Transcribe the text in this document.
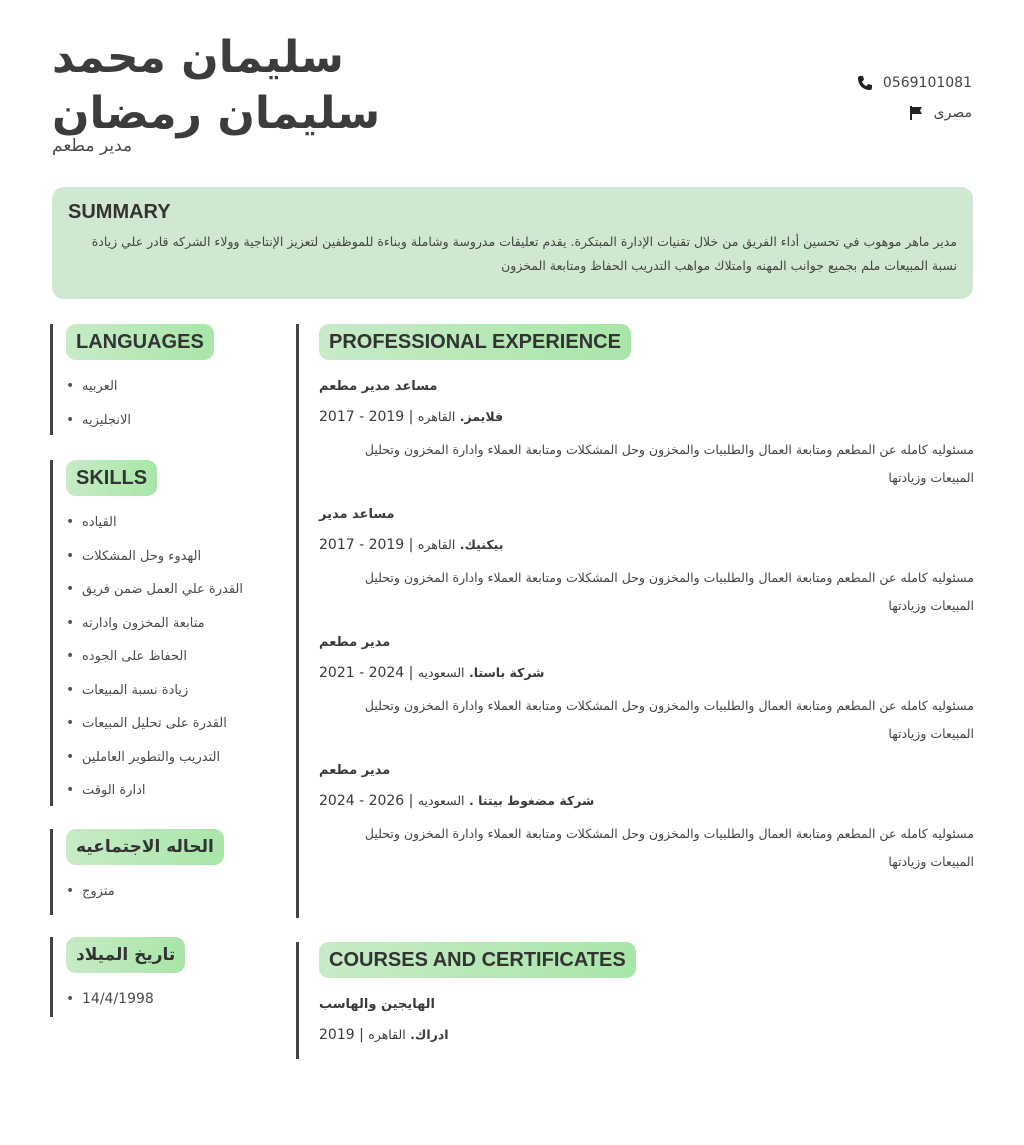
سليمان محمد سليمان رمضان
مدير مطعم
0569101081
مصرى
SUMMARY

مدير ماهر موهوب في تحسين أداء الفريق من خلال تقنيات الإدارة المبتكرة. يقدم تعليقات مدروسة وشاملة وبناءة للموظفين لتعزيز الإنتاجية وولاء الشركه قادر علي زيادة نسبة المبيعات ملم بجميع جوانب المهنه وامتلاك مواهب التدريب الحفاظ ومتابعة المخزون

LANGUAGES
• العربيه
• الانجليزيه
SKILLS
• القياده
• الهدوء وحل المشكلات
• القدرة علي العمل ضمن فريق
• متابعة المخزون وادارته
• الحفاظ على الجوده
• زيادة نسبة المبيعات
• القدرة على تحليل المبيعات
• التدريب والتطوير العاملين
• ادارة الوقت
الحاله الاجتماعيه
• متزوج
تاريخ الميلاد
• 14/4/1998
PROFESSIONAL EXPERIENCE
مساعد مدير مطعم
2017 - 2019 | القاهره فلايمز.
مسئوليه كامله عن المطعم ومتابعة العمال والطلبيات والمخزون وحل المشكلات ومتابعة العملاء وادارة المخزون وتحليل المبيعات وزيادتها
مساعد مدير
2017 - 2019 | القاهره بيكنيك.
مسئوليه كامله عن المطعم ومتابعة العمال والطلبيات والمخزون وحل المشكلات ومتابعة العملاء وادارة المخزون وتحليل المبيعات وزيادتها
مدير مطعم
2021 - 2024 | السعوديه شركة باستا.
مسئوليه كامله عن المطعم ومتابعة العمال والطلبيات والمخزون وحل المشكلات ومتابعة العملاء وادارة المخزون وتحليل المبيعات وزيادتها
مدير مطعم
2024 - 2026 | السعوديه شركة مضغوط بيتنا .
مسئوليه كامله عن المطعم ومتابعة العمال والطلبيات والمخزون وحل المشكلات ومتابعة العملاء وادارة المخزون وتحليل المبيعات وزيادتها
COURSES AND CERTIFICATES
الهايجين والهاسب
2019 | القاهره ادراك.
